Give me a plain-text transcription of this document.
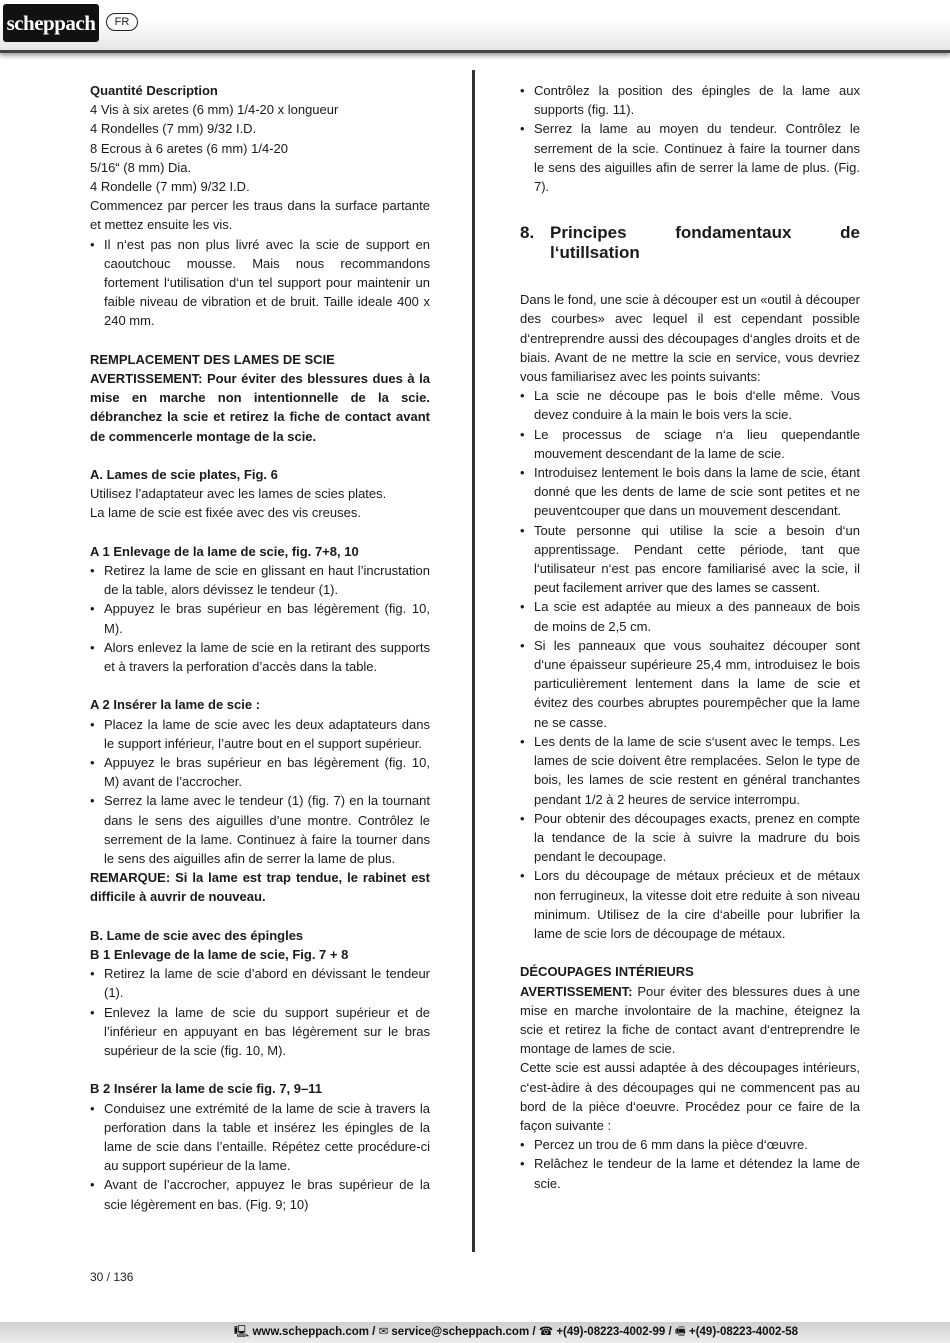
scheppach	FR

Quantité Description

4 Vis à six aretes (6 mm) 1/4-20 x longueur

4 Rondelles (7 mm) 9/32 I.D.

8 Ecrous à 6 aretes (6 mm) 1/4-20

5/16“ (8 mm) Dia.

4 Rondelle (7 mm) 9/32 I.D.

Commencez par percer les traus dans la surface partante et mettez ensuite les vis.

• Il n‘est pas non plus livré avec la scie de support en caoutchouc mousse. Mais nous recommandons fortement l‘utilisation d‘un tel support pour maintenir un faible niveau de vibration et de bruit. Taille ideale 400 x 240 mm.

REMPLACEMENT DES LAMES DE SCIE

AVERTISSEMENT: Pour éviter des blessures dues à la mise en marche non intentionnelle de la scie. débranchez la scie et retirez la fiche de contact avant de commencerle montage de la scie.

A. Lames de scie plates, Fig. 6

Utilisez l’adaptateur avec les lames de scies plates.

La lame de scie est fixée avec des vis creuses.

A 1 Enlevage de la lame de scie, fig. 7+8, 10

• Retirez la lame de scie en glissant en haut l’incrustation de la table, alors dévissez le tendeur (1).
• Appuyez le bras supérieur en bas légèrement (fig. 10, M).
• Alors enlevez la lame de scie en la retirant des supports et à travers la perforation d’accès dans la table.

A 2 Insérer la lame de scie :

• Placez la lame de scie avec les deux adaptateurs dans le support inférieur, l’autre bout en el support supérieur.
• Appuyez le bras supérieur en bas légèrement (fig. 10, M) avant de l’accrocher.
• Serrez la lame avec le tendeur (1) (fig. 7) en la tournant dans le sens des aiguilles d’une montre. Contrôlez le serrement de la lame. Continuez à faire la tourner dans le sens des aiguilles afin de serrer la lame de plus.

REMARQUE: Si la lame est trap tendue, le rabinet est difficile à auvrir de nouveau.

B. Lame de scie avec des épingles

B 1 Enlevage de la lame de scie, Fig. 7 + 8

• Retirez la lame de scie d’abord en dévissant le tendeur (1).
• Enlevez la lame de scie du support supérieur et de l’inférieur en appuyant en bas légèrement sur le bras supérieur de la scie (fig. 10, M).

B 2 Insérer la lame de scie fig. 7, 9–11

• Conduisez une extrémité de la lame de scie à travers la perforation dans la table et insérez les épingles de la lame de scie dans l’entaille. Répétez cette procédure-ci au support supérieur de la lame.
• Avant de l’accrocher, appuyez le bras supérieur de la scie légèrement en bas. (Fig. 9; 10)
• Contrôlez la position des épingles de la lame aux supports (fig. 11).
• Serrez la lame au moyen du tendeur. Contrôlez le serrement de la scie. Continuez à faire la tourner dans le sens des aiguilles afin de serrer la lame de plus. (Fig. 7).
8. Principes fondamentaux de l‘utillsation

Dans le fond, une scie à découper est un «outil à découper des courbes» avec lequel il est cependant possible d‘entreprendre aussi des découpages d‘angles droits et de biais. Avant de ne mettre la scie en service, vous devriez vous familiarisez avec les points suivants:

• La scie ne découpe pas le bois d‘elle même. Vous devez conduire à la main le bois vers la scie.
• Le processus de sciage n‘a lieu quependantle mouvement descendant de la lame de scie.
• Introduisez lentement le bois dans la lame de scie, étant donné que les dents de lame de scie sont petites et ne peuventcouper que dans un mouvement descendant.
• Toute personne qui utilise la scie a besoin d‘un apprentissage. Pendant cette période, tant que l‘utilisateur n‘est pas encore familiarisé avec la scie, il peut facilement arriver que des lames se cassent.
• La scie est adaptée au mieux a des panneaux de bois de moins de 2,5 cm.
• Si les panneaux que vous souhaitez découper sont d‘une épaisseur supérieure 25,4 mm, introduisez le bois particulièrement lentement dans la lame de scie et évitez des courbes abruptes pourempêcher que la lame ne se casse.
• Les dents de la lame de scie s‘usent avec le temps. Les lames de scie doivent être remplacées. Selon le type de bois, les lames de scie restent en général tranchantes pendant 1/2 à 2 heures de service interrompu.
• Pour obtenir des découpages exacts, prenez en compte la tendance de la scie à suivre la madrure du bois pendant le decoupage.
• Lors du découpage de métaux précieux et de métaux non ferrugineux, la vitesse doit etre reduite à son niveau minimum. Utilisez de la cire d‘abeille pour lubrifier la lame de scie lors de découpage de métaux.

DÉCOUPAGES INTÉRIEURS

AVERTISSEMENT: Pour éviter des blessures dues à une mise en marche involontaire de la machine, éteignez la scie et retirez la fiche de contact avant d‘entreprendre le montage de lames de scie.

Cette scie est aussi adaptée à des découpages intérieurs, c‘est-àdire à des découpages qui ne commencent pas au bord de la pièce d‘oeuvre. Procédez pour ce faire de la façon suivante :

• Percez un trou de 6 mm dans la pièce d‘œuvre.
• Relâchez le tendeur de la lame et détendez la lame de scie.
30 / 136
🖳 www.scheppach.com / ✉ service@scheppach.com / ☎ +(49)-08223-4002-99 / 🖷 +(49)-08223-4002-58
